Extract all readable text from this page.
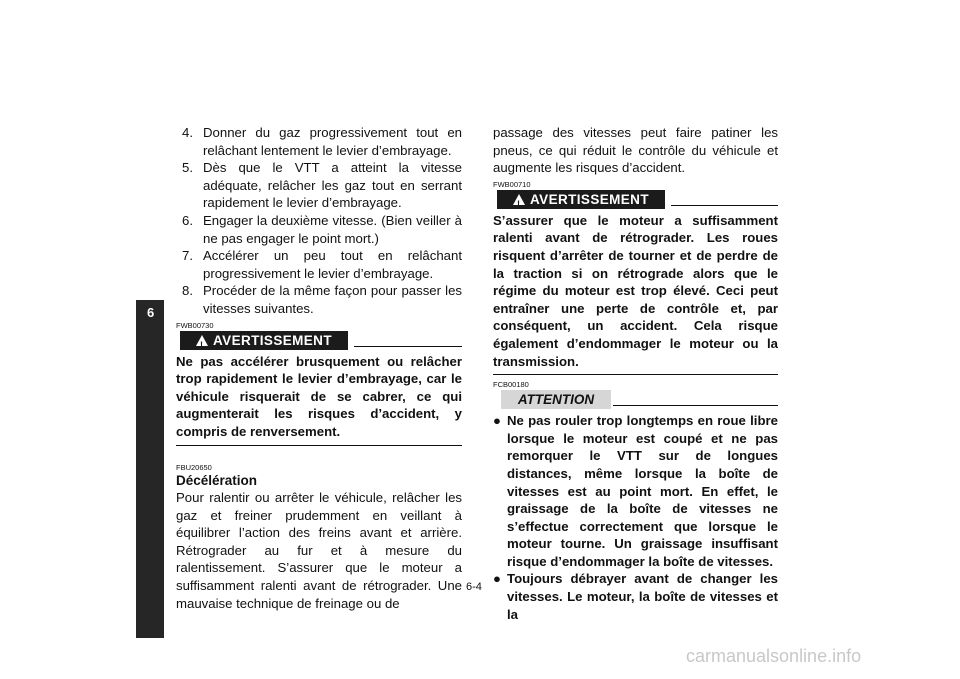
6
4. Donner du gaz progressivement tout en relâchant lentement le levier d’embrayage.
5. Dès que le VTT a atteint la vitesse adéquate, relâcher les gaz tout en serrant rapidement le levier d’embrayage.
6. Engager la deuxième vitesse. (Bien veiller à ne pas engager le point mort.)
7. Accélérer un peu tout en relâchant progressivement le levier d’embrayage.
8. Procéder de la même façon pour passer les vitesses suivantes.
FWB00730
!AVERTISSEMENT
Ne pas accélérer brusquement ou relâcher trop rapidement le levier d’embrayage, car le véhicule risquerait de se cabrer, ce qui augmenterait les risques d’accident, y compris de renversement.
FBU20650
Décélération
Pour ralentir ou arrêter le véhicule, relâcher les gaz et freiner prudemment en veillant à équilibrer l’action des freins avant et arrière. Rétrograder au fur et à mesure du ralentissement. S’assurer que le moteur a suffisamment ralenti avant de rétrograder. Une mauvaise technique de freinage ou de
passage des vitesses peut faire patiner les pneus, ce qui réduit le contrôle du véhicule et augmente les risques d’accident.
FWB00710
!AVERTISSEMENT
S’assurer que le moteur a suffisamment ralenti avant de rétrograder. Les roues risquent d’arrêter de tourner et de perdre de la traction si on rétrograde alors que le régime du moteur est trop élevé. Ceci peut entraîner une perte de contrôle et, par conséquent, un accident. Cela risque également d’endommager le moteur ou la transmission.
FCB00180
ATTENTION
● Ne pas rouler trop longtemps en roue libre lorsque le moteur est coupé et ne pas remorquer le VTT sur de longues distances, même lorsque la boîte de vitesses est au point mort. En effet, le graissage de la boîte de vitesses ne s’effectue correctement que lorsque le moteur tourne. Un graissage insuffisant risque d’endommager la boîte de vitesses.
● Toujours débrayer avant de changer les vitesses. Le moteur, la boîte de vitesses et la
6-4
carmanualsonline.info
